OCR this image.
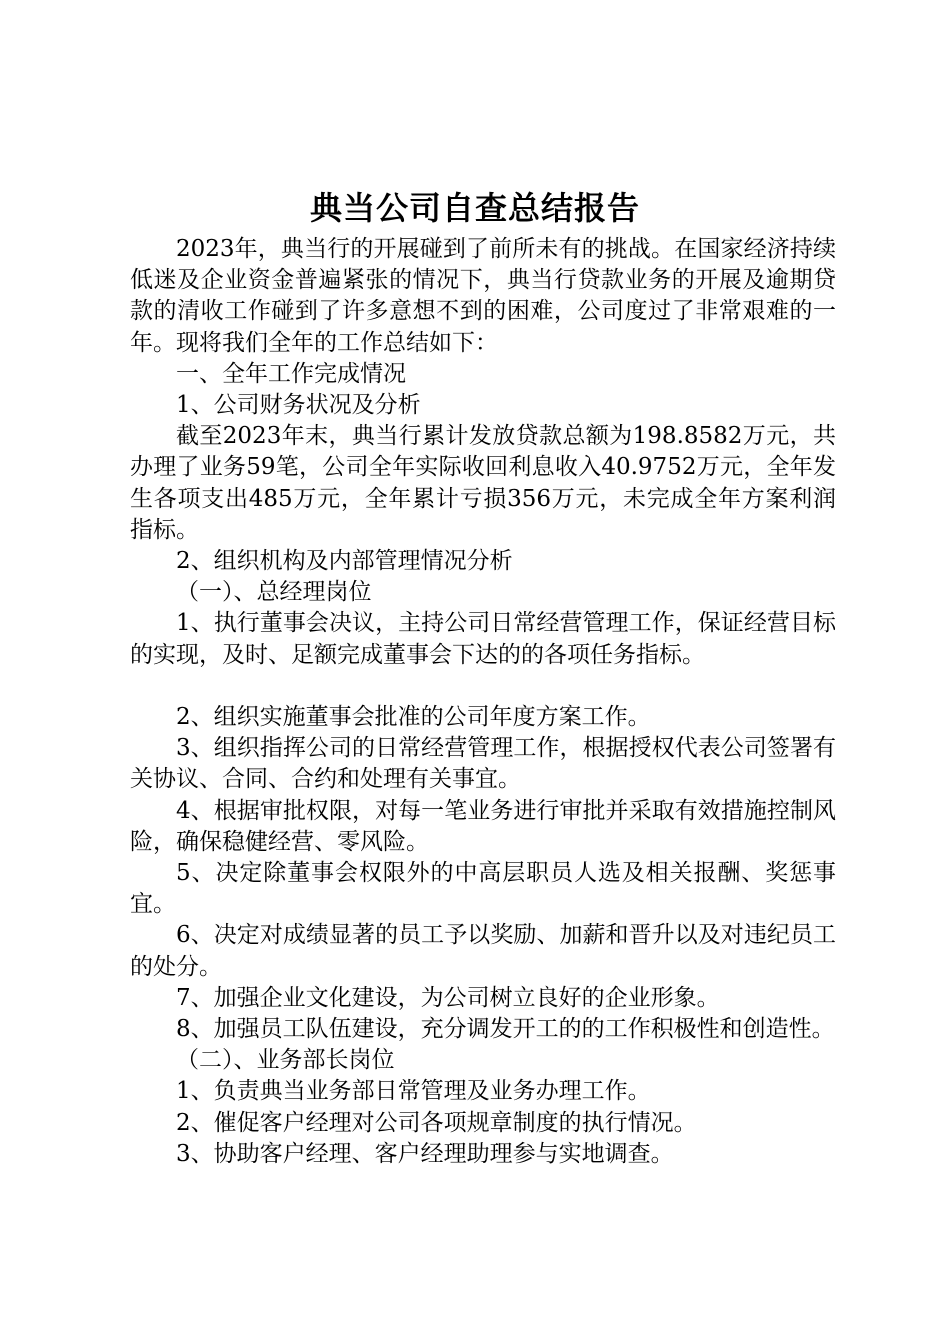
典当公司自查总结报告

2023年，典当行的开展碰到了前所未有的挑战。在国家经济持续低迷及企业资金普遍紧张的情况下，典当行贷款业务的开展及逾期贷款的清收工作碰到了许多意想不到的困难，公司度过了非常艰难的一年。现将我们全年的工作总结如下：

一、全年工作完成情况

1、公司财务状况及分析

截至2023年末，典当行累计发放贷款总额为198.8582万元，共办理了业务59笔，公司全年实际收回利息收入40.9752万元，全年发生各项支出485万元，全年累计亏损356万元，未完成全年方案利润指标。

2、组织机构及内部管理情况分析

（一）、总经理岗位

1、执行董事会决议，主持公司日常经营管理工作，保证经营目标的实现，及时、足额完成董事会下达的的各项任务指标。

2、组织实施董事会批准的公司年度方案工作。

3、组织指挥公司的日常经营管理工作，根据授权代表公司签署有关协议、合同、合约和处理有关事宜。

4、根据审批权限，对每一笔业务进行审批并采取有效措施控制风险，确保稳健经营、零风险。

5、决定除董事会权限外的中高层职员人选及相关报酬、奖惩事宜。

6、决定对成绩显著的员工予以奖励、加薪和晋升以及对违纪员工的处分。

7、加强企业文化建设，为公司树立良好的企业形象。

8、加强员工队伍建设，充分调发开工的的工作积极性和创造性。

（二）、业务部长岗位

1、负责典当业务部日常管理及业务办理工作。

2、催促客户经理对公司各项规章制度的执行情况。

3、协助客户经理、客户经理助理参与实地调查。
